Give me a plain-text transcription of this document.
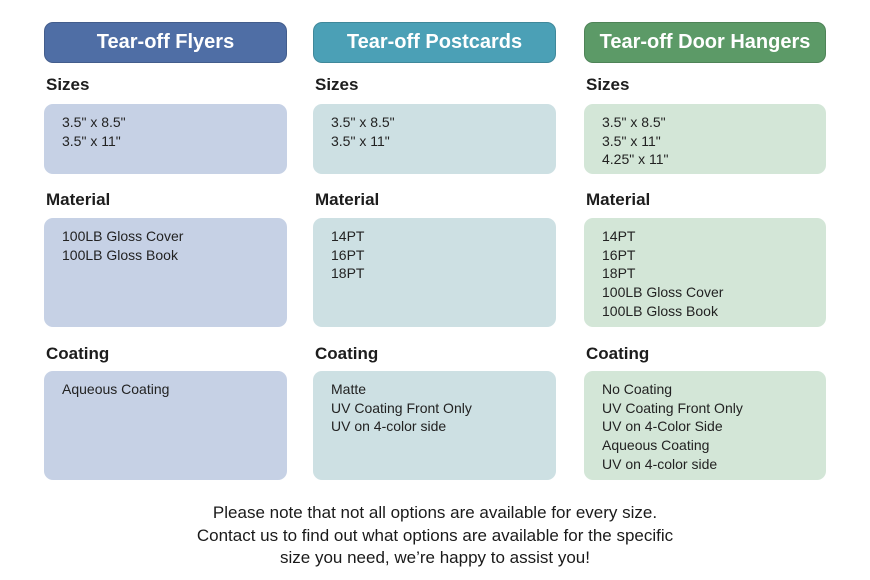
Tear-off Flyers
Sizes
3.5" x 8.5"
3.5" x 11"
Material
100LB Gloss Cover
100LB Gloss Book
Coating
Aqueous Coating
Tear-off Postcards
Sizes
3.5" x 8.5"
3.5" x 11"
Material
14PT
16PT
18PT
Coating
Matte
UV Coating Front Only
UV on 4-color side
Tear-off Door Hangers
Sizes
3.5" x 8.5"
3.5" x 11"
4.25" x 11"
Material
14PT
16PT
18PT
100LB Gloss Cover
100LB Gloss Book
Coating
No Coating
UV Coating Front Only
UV on 4-Color Side
Aqueous Coating
UV on 4-color side
Please note that not all options are available for every size.
Contact us to find out what options are available for the specific
size you need, we’re happy to assist you!
